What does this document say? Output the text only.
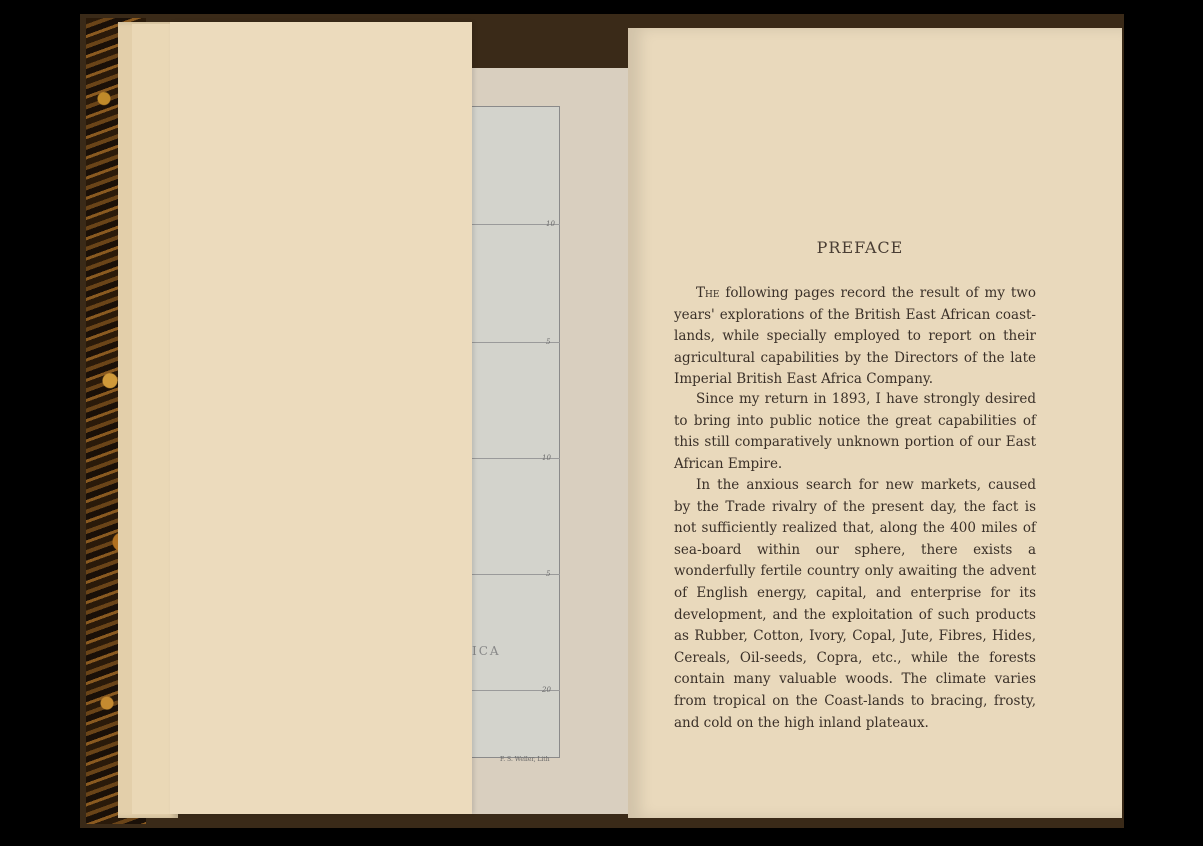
10
5
10
5
20
ICA
F. S. Weller, Lith
PREFACE

The following pages record the result of my two years' explorations of the British East African coast-lands, while specially employed to report on their agricultural capabilities by the Directors of the late Imperial British East Africa Company.

Since my return in 1893, I have strongly desired to bring into public notice the great capabilities of this still comparatively unknown portion of our East African Empire.

In the anxious search for new markets, caused by the Trade rivalry of the present day, the fact is not sufficiently realized that, along the 400 miles of sea-board within our sphere, there exists a wonderfully fertile country only awaiting the advent of English energy, capital, and enterprise for its development, and the exploitation of such products as Rubber, Cotton, Ivory, Copal, Jute, Fibres, Hides, Cereals, Oil-seeds, Copra, etc., while the forests contain many valuable woods. The climate varies from tropical on the Coast-lands to bracing, frosty, and cold on the high inland plateaux.
